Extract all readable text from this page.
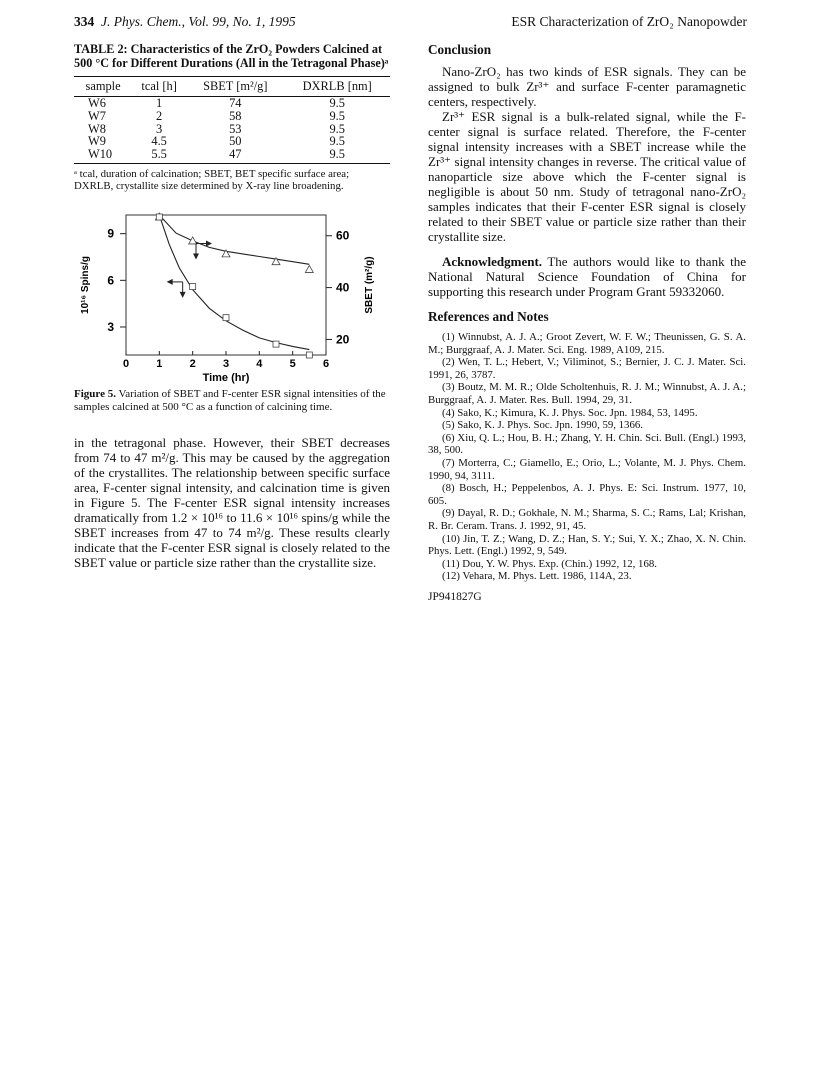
334 J. Phys. Chem., Vol. 99, No. 1, 1995	ESR Characterization of ZrO₂ Nanopowder
TABLE 2: Characteristics of the ZrO₂ Powders Calcined at 500 °C for Different Durations (All in the Tetragonal Phase)ᵃ
sample	tcal [h]	SBET [m²/g]	DXRLB [nm]
W6	1	74	9.5
W7	2	58	9.5
W8	3	53	9.5
W9	4.5	50	9.5
W10	5.5	47	9.5
ᵃ tcal, duration of calcination; SBET, BET specific surface area; DXRLB, crystallite size determined by X-ray line broadening.
0 1 2 3 4 5 6
Time (hr)
3
6
9
10¹⁶ Spins/g
20
40
60
SBET (m²/g)
Figure 5. Variation of SBET and F-center ESR signal intensities of the samples calcined at 500 °C as a function of calcining time.
in the tetragonal phase. However, their SBET decreases from 74 to 47 m²/g. This may be caused by the aggregation of the crystallites. The relationship between specific surface area, F-center signal intensity, and calcination time is given in Figure 5. The F-center ESR signal intensity increases dramatically from 1.2 × 10¹⁶ to 11.6 × 10¹⁶ spins/g while the SBET increases from 47 to 74 m²/g. These results clearly indicate that the F-center ESR signal is closely related to the SBET value or particle size rather than the crystallite size.
Conclusion

Nano-ZrO₂ has two kinds of ESR signals. They can be assigned to bulk Zr³⁺ and surface F-center paramagnetic centers, respectively.

Zr³⁺ ESR signal is a bulk-related signal, while the F-center signal is surface related. Therefore, the F-center signal intensity increases with a SBET increase while the Zr³⁺ signal intensity changes in reverse. The critical value of nanoparticle size above which the F-center signal is negligible is about 50 nm. Study of tetragonal nano-ZrO₂ samples indicates that their F-center ESR signal is closely related to their SBET value or particle size rather than their crystallite size.

Acknowledgment. The authors would like to thank the National Natural Science Foundation of China for supporting this research under Program Grant 59332060.
References and Notes
(1) Winnubst, A. J. A.; Groot Zevert, W. F. W.; Theunissen, G. S. A. M.; Burggraaf, A. J. Mater. Sci. Eng. 1989, A109, 215.
(2) Wen, T. L.; Hebert, V.; Viliminot, S.; Bernier, J. C. J. Mater. Sci. 1991, 26, 3787.
(3) Boutz, M. M. R.; Olde Scholtenhuis, R. J. M.; Winnubst, A. J. A.; Burggraaf, A. J. Mater. Res. Bull. 1994, 29, 31.
(4) Sako, K.; Kimura, K. J. Phys. Soc. Jpn. 1984, 53, 1495.
(5) Sako, K. J. Phys. Soc. Jpn. 1990, 59, 1366.
(6) Xiu, Q. L.; Hou, B. H.; Zhang, Y. H. Chin. Sci. Bull. (Engl.) 1993, 38, 500.
(7) Morterra, C.; Giamello, E.; Orio, L.; Volante, M. J. Phys. Chem. 1990, 94, 3111.
(8) Bosch, H.; Peppelenbos, A. J. Phys. E: Sci. Instrum. 1977, 10, 605.
(9) Dayal, R. D.; Gokhale, N. M.; Sharma, S. C.; Rams, Lal; Krishan, R. Br. Ceram. Trans. J. 1992, 91, 45.
(10) Jin, T. Z.; Wang, D. Z.; Han, S. Y.; Sui, Y. X.; Zhao, X. N. Chin. Phys. Lett. (Engl.) 1992, 9, 549.
(11) Dou, Y. W. Phys. Exp. (Chin.) 1992, 12, 168.
(12) Vehara, M. Phys. Lett. 1986, 114A, 23.
JP941827G
